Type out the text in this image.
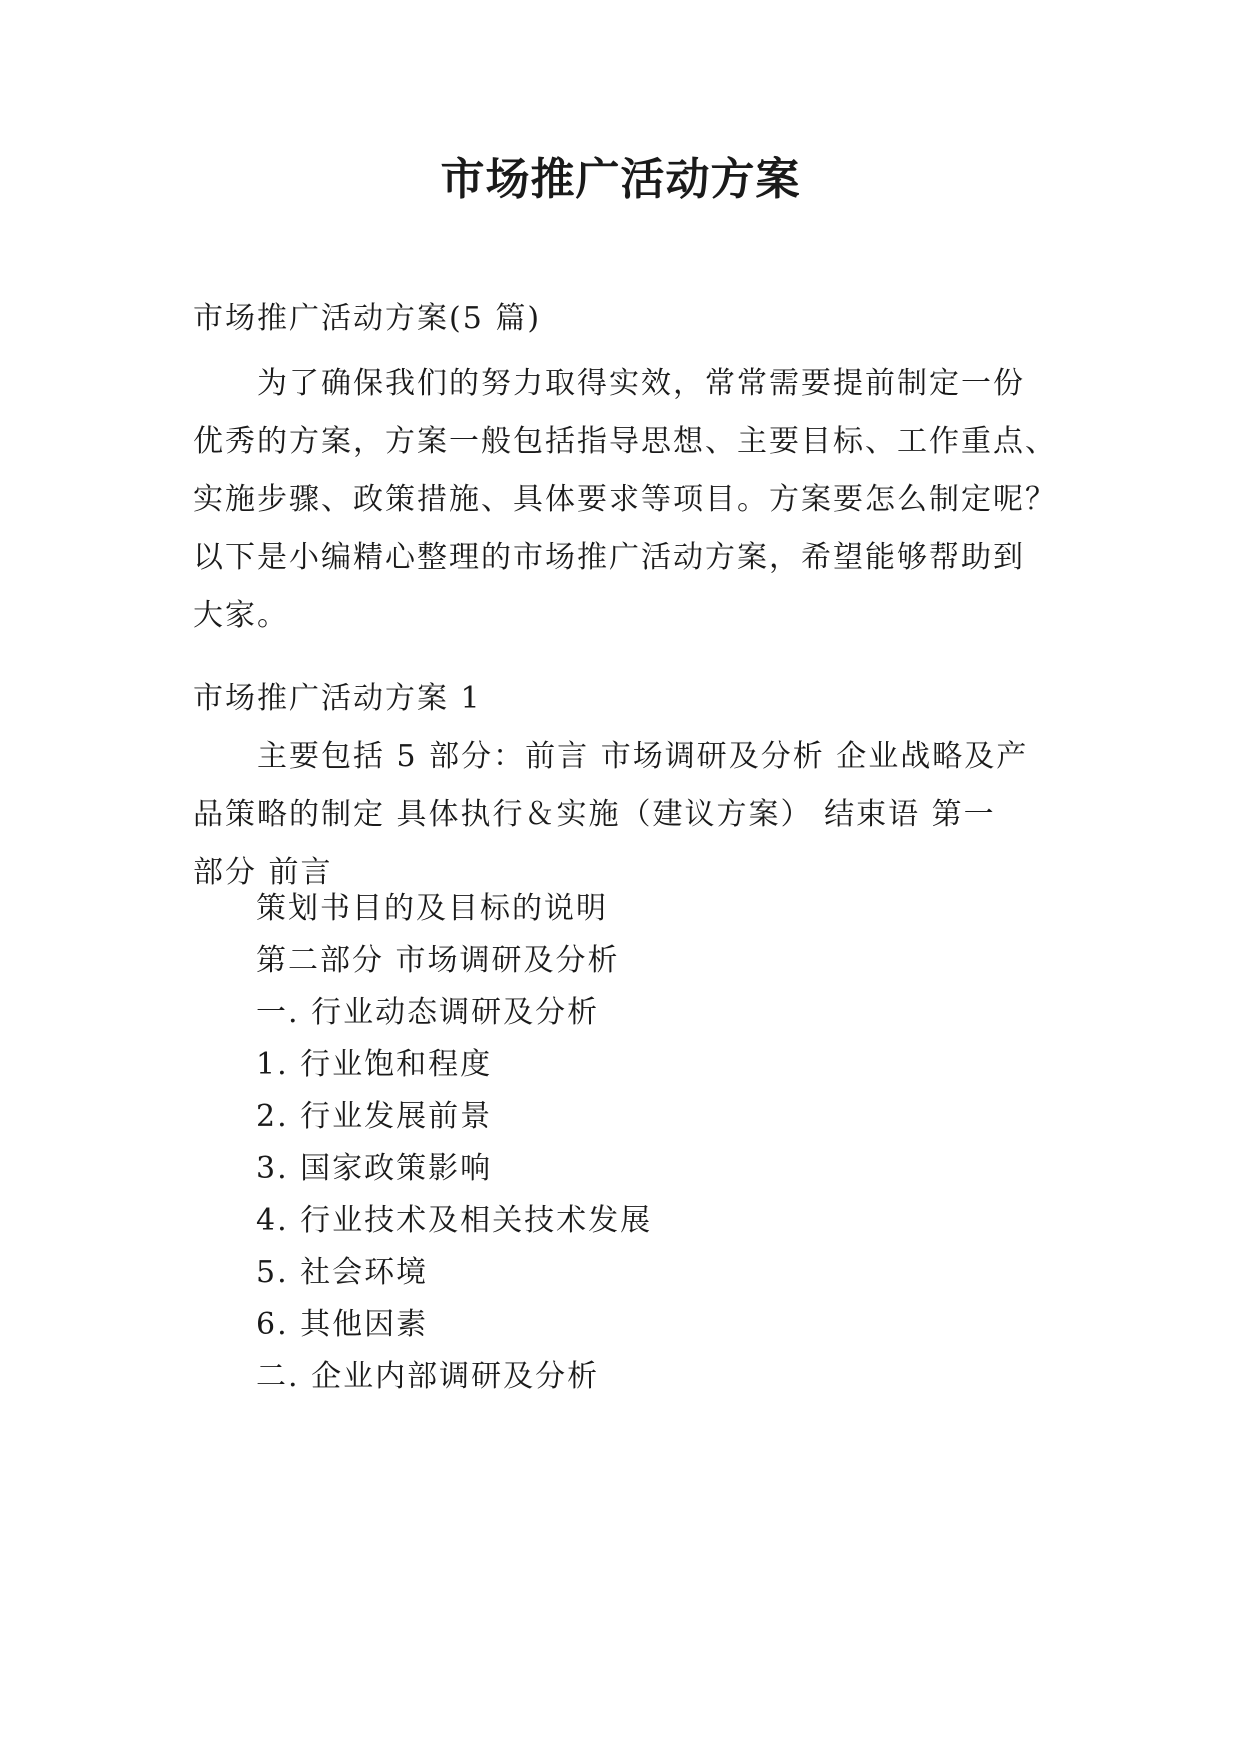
市场推广活动方案
市场推广活动方案(5 篇)
为了确保我们的努力取得实效，常常需要提前制定一份
优秀的方案，方案一般包括指导思想、主要目标、工作重点、
实施步骤、政策措施、具体要求等项目。方案要怎么制定呢？
以下是小编精心整理的市场推广活动方案，希望能够帮助到
大家。
市场推广活动方案 1
主要包括 5 部分：前言 市场调研及分析 企业战略及产
品策略的制定 具体执行＆实施（建议方案） 结束语 第一
部分 前言
策划书目的及目标的说明
第二部分 市场调研及分析
一. 行业动态调研及分析
1. 行业饱和程度
2. 行业发展前景
3. 国家政策影响
4. 行业技术及相关技术发展
5. 社会环境
6. 其他因素
二. 企业内部调研及分析
